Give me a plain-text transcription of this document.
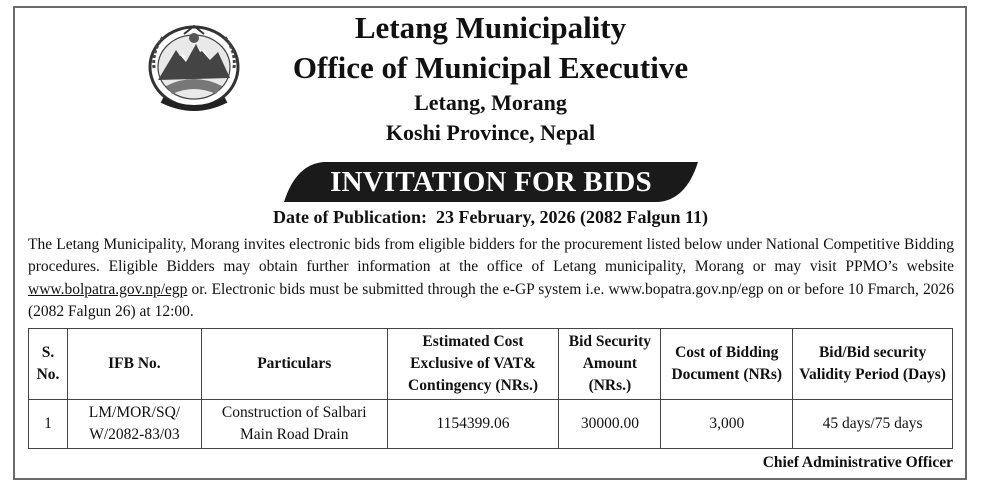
Letang Municipality
Office of Municipal Executive
Letang, Morang
Koshi Province, Nepal
INVITATION FOR BIDS
Date of Publication: 23 February, 2026 (2082 Falgun 11)
The Letang Municipality, Morang invites electronic bids from eligible bidders for the procurement listed below under National Competitive Bidding procedures. Eligible Bidders may obtain further information at the office of Letang municipality, Morang or may visit PPMO’s website www.bolpatra.gov.np/egp or. Electronic bids must be submitted through the e-GP system i.e. www.bopatra.gov.np/egp on or before 10 Fmarch, 2026 (2082 Falgun 26) at 12:00.
S. No.	IFB No.	Particulars	Estimated Cost Exclusive of VAT& Contingency (NRs.)	Bid Security Amount (NRs.)	Cost of Bidding Document (NRs)	Bid/Bid security Validity Period (Days)
1	LM/MOR/SQ/ W/2082-83/03	Construction of Salbari Main Road Drain	1154399.06	30000.00	3,000	45 days/75 days
Chief Administrative Officer
